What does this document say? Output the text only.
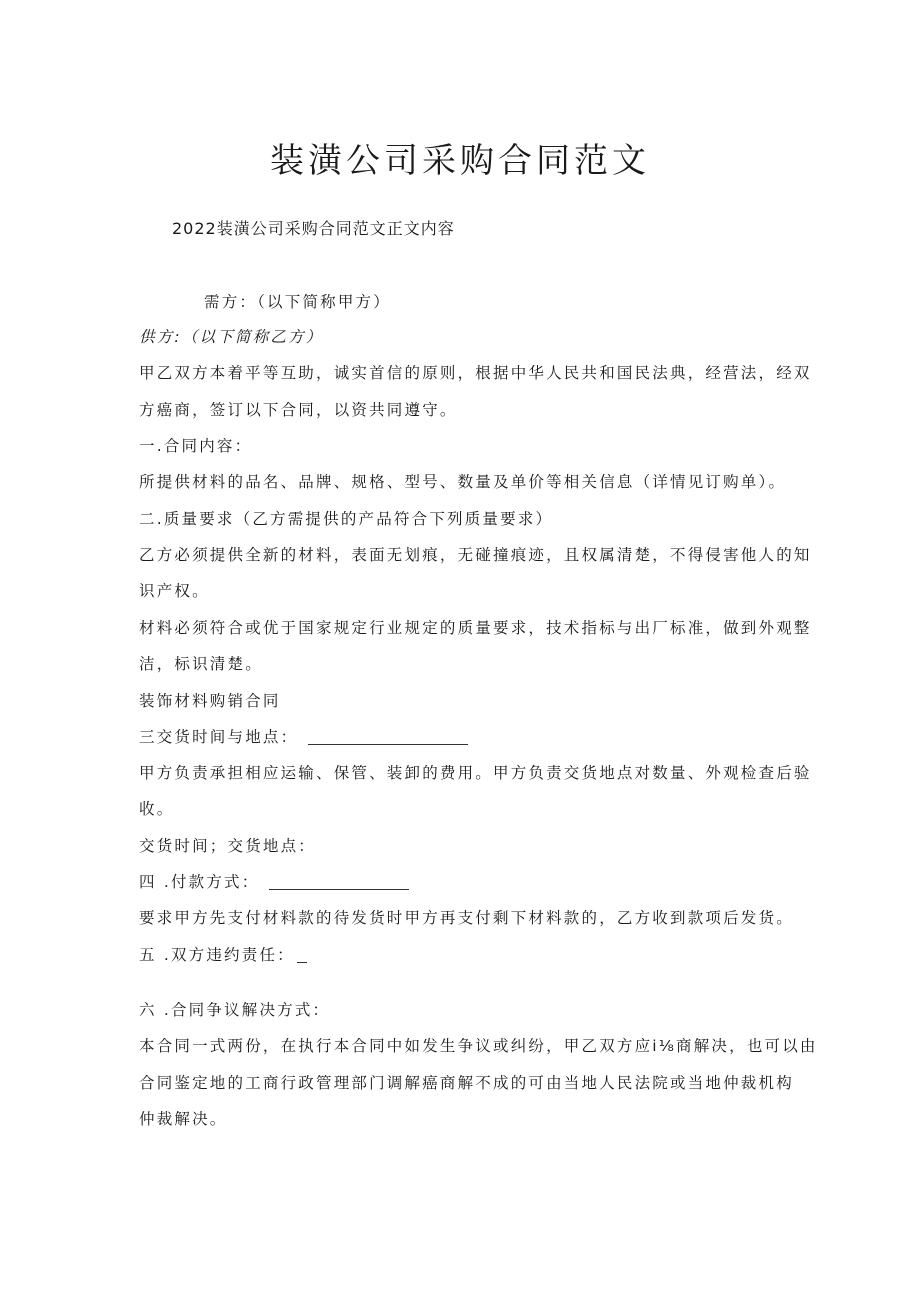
装潢公司采购合同范文
2022装潢公司采购合同范文正文内容
需方：（以下简称甲方）
供方:（以下简称乙方）
甲乙双方本着平等互助，诚实首信的原则，根据中华人民共和国民法典，经营法，经双
方癌商，签订以下合同，以资共同遵守。
一.合同内容：
所提供材料的品名、品牌、规格、型号、数量及单价等相关信息（详情见订购单）。
二.质量要求（乙方需提供的产品符合下列质量要求）
乙方必须提供全新的材料，表面无划痕，无碰撞痕迹，且权属清楚，不得侵害他人的知
识产权。
材料必须符合或优于国家规定行业规定的质量要求，技术指标与出厂标准，做到外观整
洁，标识清楚。
装饰材料购销合同
三交货时间与地点：
甲方负责承担相应运输、保管、装卸的费用。甲方负责交货地点对数量、外观检查后验
收。
交货时间；交货地点：
四 .付款方式：
要求甲方先支付材料款的待发货时甲方再支付剩下材料款的，乙方收到款项后发货。
五 .双方违约责任：
六 .合同争议解决方式：
本合同一式两份，在执行本合同中如发生争议或纠纷，甲乙双方应i⅛商解决，也可以由
合同鉴定地的工商行政管理部门调解癌商解不成的可由当地人民法院或当地仲裁机构
仲裁解决。
